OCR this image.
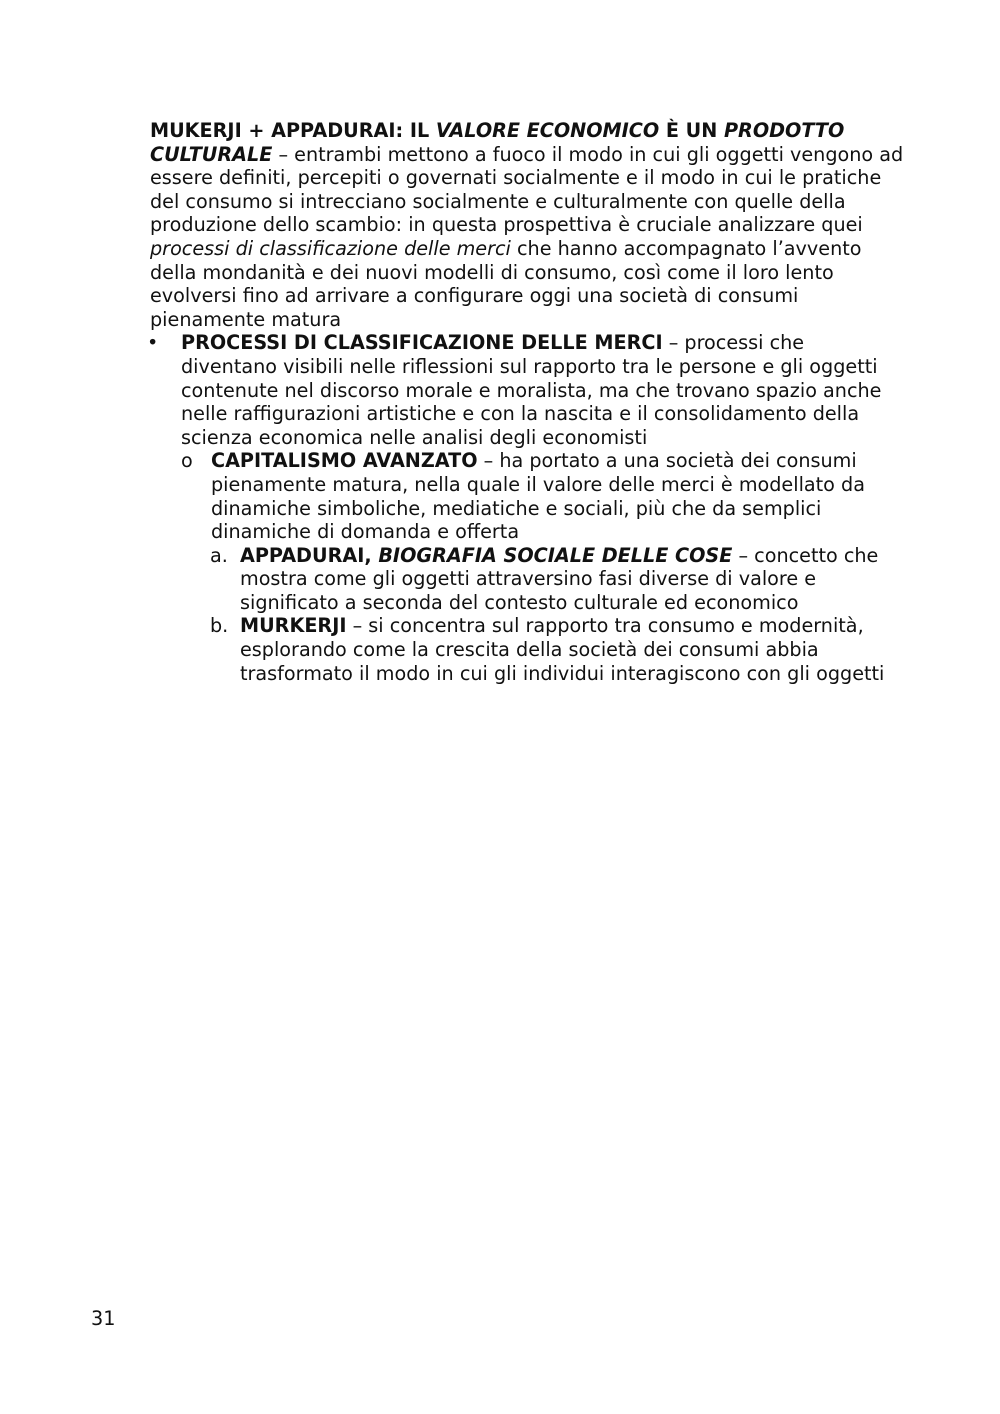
MUKERJI + APPADURAI: IL VALORE ECONOMICO È UN PRODOTTO CULTURALE – entrambi mettono a fuoco il modo in cui gli oggetti vengono ad essere definiti, percepiti o governati socialmente e il modo in cui le pratiche del consumo si intrecciano socialmente e culturalmente con quelle della produzione dello scambio: in questa prospettiva è cruciale analizzare quei processi di classificazione delle merci che hanno accompagnato l’avvento della mondanità e dei nuovi modelli di consumo, così come il loro lento evolversi fino ad arrivare a configurare oggi una società di consumi pienamente matura

• PROCESSI DI CLASSIFICAZIONE DELLE MERCI – processi che diventano visibili nelle riflessioni sul rapporto tra le persone e gli oggetti contenute nel discorso morale e moralista, ma che trovano spazio anche nelle raffigurazioni artistiche e con la nascita e il consolidamento della scienza economica nelle analisi degli economisti

o CAPITALISMO AVANZATO – ha portato a una società dei consumi pienamente matura, nella quale il valore delle merci è modellato da dinamiche simboliche, mediatiche e sociali, più che da semplici dinamiche di domanda e offerta

a. APPADURAI, BIOGRAFIA SOCIALE DELLE COSE – concetto che mostra come gli oggetti attraversino fasi diverse di valore e significato a seconda del contesto culturale ed economico

b. MURKERJI – si concentra sul rapporto tra consumo e modernità, esplorando come la crescita della società dei consumi abbia trasformato il modo in cui gli individui interagiscono con gli oggetti

31
